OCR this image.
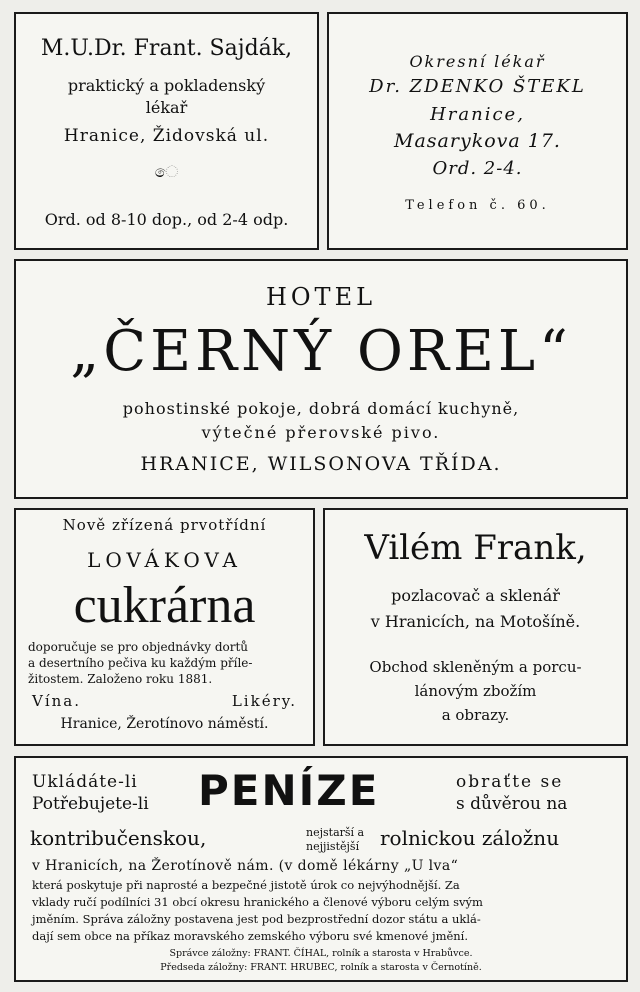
M.U.Dr. Frant. Sajdák,
praktický a pokladenský
lékař
Hranice, Židovská ul.
ෙ
Ord. od 8-10 dop., od 2-4 odp.
Okresní lékař
Dr. ZDENKO ŠTEKL
Hranice,
Masarykova 17.
Ord. 2-4.
Telefon č. 60.
HOTEL
„ČERNÝ OREL“
pohostinské pokoje, dobrá domácí kuchyně,
výtečné přerovské pivo.
HRANICE, WILSONOVA TŘÍDA.
Nově zřízená prvotřídní
LOVÁKOVA
cukrárna
doporučuje se pro objednávky dortů
a desertního pečiva ku každým příle-
žitostem. Založeno roku 1881.
Vína.	Likéry.
Hranice, Žerotínovo náměstí.
Vilém Frank,
pozlacovač a sklenář
v Hranicích, na Motošíně.
Obchod skleněným a porcu-
lánovým zbožím
a obrazy.
Ukládáte-li
Potřebujete-li PENÍZE	obraťte se
s důvěrou na
kontribučenskou,	nejstarší a
nejjistější rolnickou záložnu
v Hranicích, na Žerotínově nám. (v domě lékárny „U lva“
která poskytuje při naprosté a bezpečné jistotě úrok co nejvýhodnější. Za
vklady ručí podílníci 31 obcí okresu hranického a členové výboru celým svým
jměním. Správa záložny postavena jest pod bezprostřední dozor státu a uklá-
dají sem obce na příkaz moravského zemského výboru své kmenové jmění.
Správce záložny: FRANT. ČÍHAL, rolník a starosta v Hrabůvce.
Předseda záložny: FRANT. HRUBEC, rolník a starosta v Černotíně.
